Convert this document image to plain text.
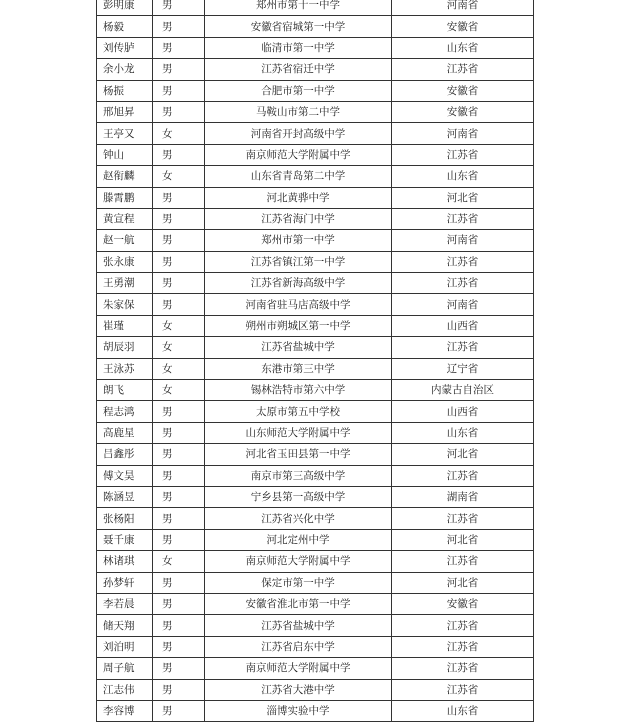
彭明康	男	郑州市第十一中学	河南省
杨毅	男	安徽省宿城第一中学	安徽省
刘传胪	男	临清市第一中学	山东省
余小龙	男	江苏省宿迁中学	江苏省
杨振	男	合肥市第一中学	安徽省
邢旭昇	男	马鞍山市第二中学	安徽省
王亭又	女	河南省开封高级中学	河南省
钟山	男	南京师范大学附属中学	江苏省
赵衔麟	女	山东省青岛第二中学	山东省
滕霄鹏	男	河北黄骅中学	河北省
黄宣程	男	江苏省海门中学	江苏省
赵一航	男	郑州市第一中学	河南省
张永康	男	江苏省镇江第一中学	江苏省
王勇潮	男	江苏省新海高级中学	江苏省
朱家保	男	河南省驻马店高级中学	河南省
崔瑾	女	朔州市朔城区第一中学	山西省
胡辰羽	女	江苏省盐城中学	江苏省
王泳苏	女	东港市第三中学	辽宁省
朗飞	女	锡林浩特市第六中学	内蒙古自治区
程志鸿	男	太原市第五中学校	山西省
高鹿星	男	山东师范大学附属中学	山东省
吕鑫彤	男	河北省玉田县第一中学	河北省
傅文昊	男	南京市第三高级中学	江苏省
陈涵昱	男	宁乡县第一高级中学	湖南省
张杨阳	男	江苏省兴化中学	江苏省
聂千康	男	河北定州中学	河北省
林诸琪	女	南京师范大学附属中学	江苏省
孙梦轩	男	保定市第一中学	河北省
李若晨	男	安徽省淮北市第一中学	安徽省
储天翔	男	江苏省盐城中学	江苏省
刘泊明	男	江苏省启东中学	江苏省
周子航	男	南京师范大学附属中学	江苏省
江志伟	男	江苏省大港中学	江苏省
李容博	男	淄博实验中学	山东省
